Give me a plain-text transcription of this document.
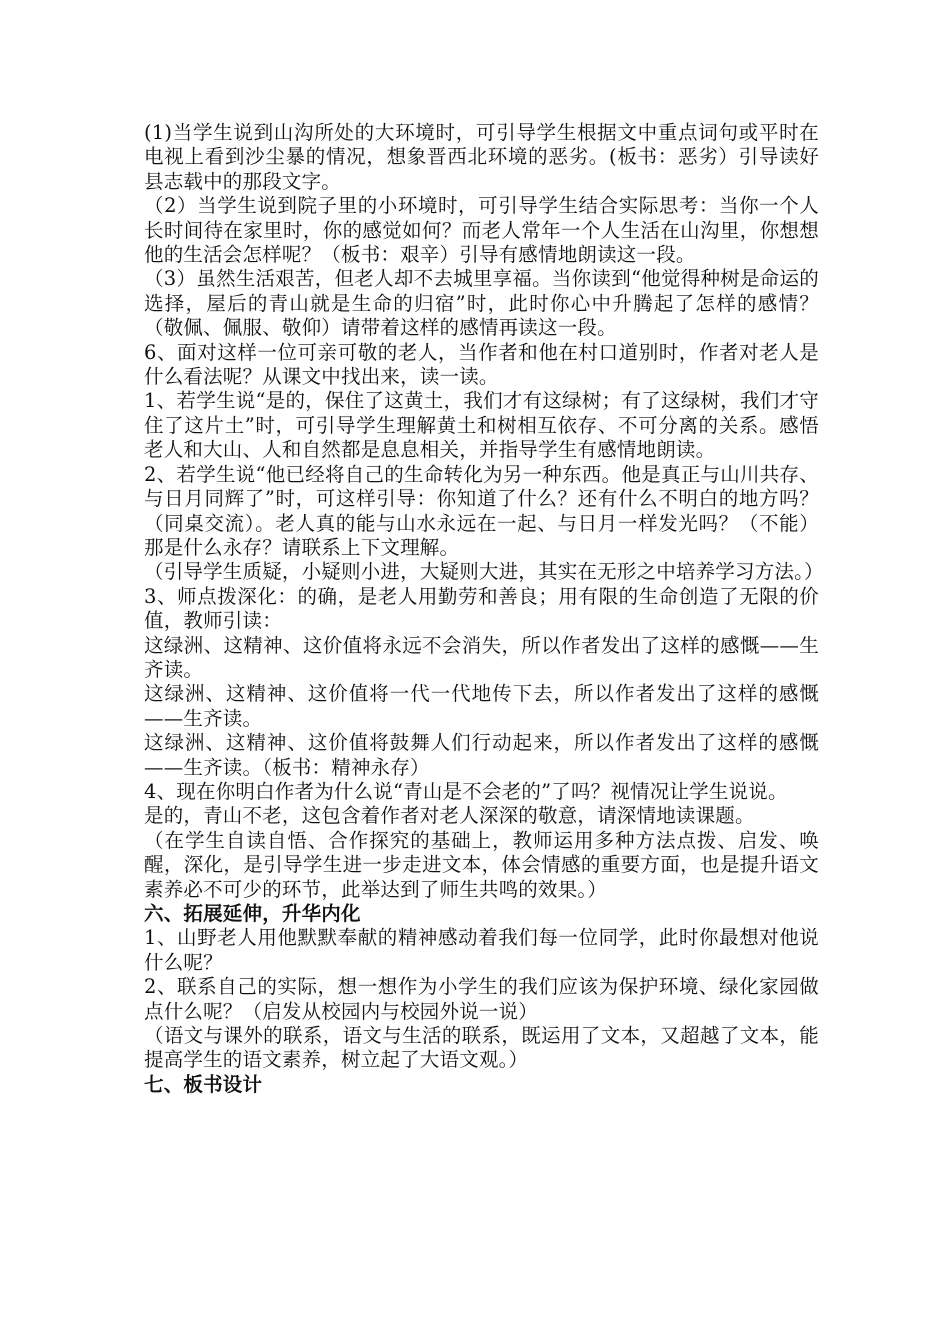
(1)当学生说到山沟所处的大环境时，可引导学生根据文中重点词句或平时在电视上看到沙尘暴的情况，想象晋西北环境的恶劣。(板书：恶劣）引导读好县志载中的那段文字。

（2）当学生说到院子里的小环境时，可引导学生结合实际思考：当你一个人长时间待在家里时，你的感觉如何？而老人常年一个人生活在山沟里，你想想他的生活会怎样呢？（板书：艰辛）引导有感情地朗读这一段。

（3）虽然生活艰苦，但老人却不去城里享福。当你读到“他觉得种树是命运的选择，屋后的青山就是生命的归宿”时，此时你心中升腾起了怎样的感情？（敬佩、佩服、敬仰）请带着这样的感情再读这一段。

6、面对这样一位可亲可敬的老人，当作者和他在村口道别时，作者对老人是什么看法呢？从课文中找出来，读一读。

1、若学生说“是的，保住了这黄土，我们才有这绿树；有了这绿树，我们才守住了这片土”时，可引导学生理解黄土和树相互依存、不可分离的关系。感悟老人和大山、人和自然都是息息相关，并指导学生有感情地朗读。

2、若学生说“他已经将自己的生命转化为另一种东西。他是真正与山川共存、与日月同辉了”时，可这样引导：你知道了什么？还有什么不明白的地方吗？（同桌交流）。老人真的能与山水永远在一起、与日月一样发光吗？（不能）那是什么永存？请联系上下文理解。

（引导学生质疑，小疑则小进，大疑则大进，其实在无形之中培养学习方法。）

3、师点拨深化：的确，是老人用勤劳和善良；用有限的生命创造了无限的价值，教师引读：

这绿洲、这精神、这价值将永远不会消失，所以作者发出了这样的感慨——生齐读。

这绿洲、这精神、这价值将一代一代地传下去，所以作者发出了这样的感慨——生齐读。

这绿洲、这精神、这价值将鼓舞人们行动起来，所以作者发出了这样的感慨——生齐读。（板书：精神永存）

4、现在你明白作者为什么说“青山是不会老的”了吗？视情况让学生说说。

是的，青山不老，这包含着作者对老人深深的敬意，请深情地读课题。

（在学生自读自悟、合作探究的基础上，教师运用多种方法点拨、启发、唤醒，深化，是引导学生进一步走进文本，体会情感的重要方面，也是提升语文素养必不可少的环节，此举达到了师生共鸣的效果。）

六、拓展延伸，升华内化

1、山野老人用他默默奉献的精神感动着我们每一位同学，此时你最想对他说什么呢？

2、联系自己的实际，想一想作为小学生的我们应该为保护环境、绿化家园做点什么呢？（启发从校园内与校园外说一说）

（语文与课外的联系，语文与生活的联系，既运用了文本，又超越了文本，能提高学生的语文素养，树立起了大语文观。）

七、板书设计
